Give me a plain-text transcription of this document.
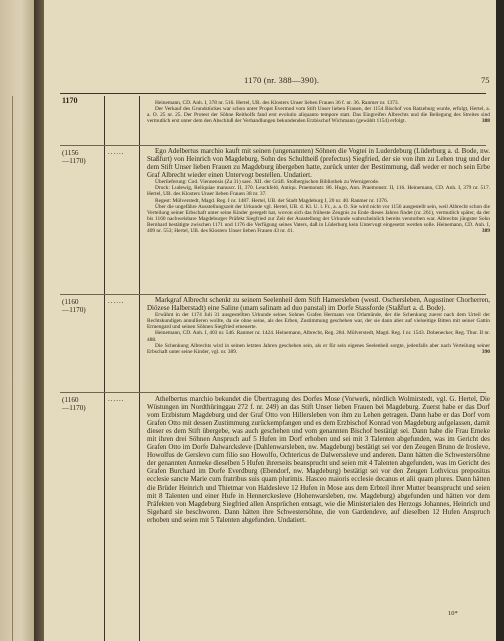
1170 (nr. 388—390).	75
1170	Heinemann, CD. Anh. I, 378 nr. 516. Hertel, UB. des Klosters Unser lieben Frauen 36 f. nr. 36. Ranmer nr. 1373.

Der Verkauf des Grundstückes war schon unter Propst Evermod vom Stift Unser lieben Frauen, der 1154 Bischof von Ratzeburg wurde, erfolgt, Hertel, a. a. O. 25 nr. 25. Der Protest der Söhne Reitholfs fand erst evolutio aliquanto tempore statt. Das Eingreifen Albrechts und die Beilegung des Streites sind vermutlich erst unter dem den Abschluß der Verhandlungen bekundenden Erzbischof Wichmann (gewählt 1154) erfolgt.	388

(1156
—1170)
......	Ego Adelbertus marchio kauft mit seinen (ungenannten) Söhnen die Vogtei in Luderdeburg (Lüderburg a. d. Bode, nw. Staßfurt) von Heinrich von Magdeburg, Sohn des Schultheiß (prefectus) Siegfried, der sie von ihm zu Lehen trug und der dem Stift Unser lieben Frauen zu Magdeburg übergeben hatte, zurück unter der Bestimmung, daß weder er noch sein Erbe Graf Albrecht wieder einen Untervogt bestellen. Undatiert.

Überlieferung: Cod. Viennensis (Za 31) saec. XII. der Gräfl. Stolbergischen Bibliothek zu Wernigerode.

Druck: Ludewig, Reliquiae manuscr. II, 370. Leuckfeld, Antiqu. Praemonstr. 86. Hugo, Ann. Praemonstr. II, 116. Heinemann, CD. Anh. I, 379 nr. 517. Hertel, UB. des Klosters Unser lieben Frauen 38 nr. 37.

Regest: Mülverstedt, Magd. Reg. I nr. 1487. Hertel, UB. der Stadt Magdeburg I, 20 nr. 40. Ranmer nr. 1376.

Über die ungefähre Ausstellungszeit der Urkunde vgl. Hertel, UB. d. Kl. U. l. Fr., a. a. O. Sie wird nicht vor 1156 ausgestellt sein, weil Albrecht schon die Verteilung seiner Erbschaft unter seine Kinder geregelt hat, wovon sich das früheste Zeugnis zu Ende dieses Jahres findet (nr. 261), vermutlich später, da der bis 1160 nachweisbare Magdeburger Präfekt Siegfried zur Zeit der Ausstellung der Urkunde wahrscheinlich bereits verstorben war. Albrechts jüngster Sohn Bernhard bestätigte zwischen 1171 und 1176 die Verfügung seines Vaters, daß in Lüderburg kein Untervogt eingesetzt werden solle. Heinemann, CD. Anh. I, 409 nr. 553; Hertel, UB. des Klosters Unser lieben Frauen 43 nr. 41.	389

(1160
—1170)
......	Markgraf Albrecht schenkt zu seinem Seelenheil dem Stift Hamersleben (westl. Oschersleben, Augustiner Chorherren, Diözese Halberstadt) eine Saline (unam salinam ad duo panstal) im Dorfe Stassforde (Staßfurt a. d. Bode).

Erwähnt in der 1174 Juli 31 ausgestellten Urkunde seines Sohnes Grafen Hermann von Orlamünde, der die Schenkung zuerst nach dem Urteil der Rechtskundigen annullieren wollte, da sie ohne seine, als des Erben, Zustimmung geschehen war, der sie dann aber auf vielseitige Bitten mit seiner Gattin Ermengard und seinen Söhnen Siegfried erneuerte.

Heinemann, CD. Anh. I, 403 nr. 546. Ranmer nr. 1424. Heinemann, Albrecht, Reg. 284. Mülverstedt, Magd. Reg. I nr. 1543. Dobenecker, Reg. Thur. II nr. 488.

Die Schenkung Albrechts wird in seinen letzten Jahren geschehen sein, als er für sein eigenes Seelenheil sorgte, jedenfalls aber nach Verteilung seiner Erbschaft unter seine Kinder, vgl. nr. 389.	390

(1160
—1170)
......	Athelbertus marchio bekundet die Übertragung des Dorfes Mose (Vorwerk, nördlich Wolmirstedt, vgl. G. Hertel, Die Wüstungen im Nordthüringgau 272 f. nr. 249) an das Stift Unser lieben Frauen bei Magdeburg. Zuerst habe er das Dorf vom Erzbistum Magdeburg und der Graf Otto von Hillersleben von ihm zu Lehen getragen. Dann habe er das Dorf vom Grafen Otto mit dessen Zustimmung zurückempfangen und es dem Erzbischof Konrad von Magdeburg aufgelassen, damit dieser es dem Stift übergebe, was auch geschehen und vom genannten Bischof bestätigt sei. Dann habe die Frau Emeke mit ihren drei Söhnen Anspruch auf 5 Hufen im Dorf erhoben und sei mit 3 Talenten abgefunden, was im Gericht des Grafen Otto im Dorfe Dalwarcksleve (Dahlenwarsleben, nw. Magdeburg) bestätigt sei vor den Zeugen Bruno de Irosleve, Howolfus de Gerslevo cum filio suo Howolfo, Ochtericus de Dalwerssleve und anderen. Dann hätten die Schwestersöhne der genannten Anmeke dieselben 5 Hufen ihrerseits beansprucht und seien mit 4 Talenten abgefunden, was im Gericht des Grafen Burchard im Dorfe Everdburg (Ebendorf, nw. Magdeburg) bestätigt sei vor den Zeugen Lothvicus prepositus ecclesie sancte Marie cum fratribus suis quam plurimis. Hasceo maioris ecclesie decanus et alii quam plures. Dann hätten die Brüder Heinrich und Thietmar von Haldesleve 12 Hufen in Mose aus dem Erbteil ihrer Mutter beansprucht und seien mit 8 Talenten und einer Hufe in Hennerckesleve (Hohenwarsleben, nw. Magdeburg) abgefunden und hätten vor dem Präfekten von Magdeburg Siegfried allen Ansprüchen entsagt, wie die Ministerialen des Herzogs Johannes, Heinrich und Sigehard sie beschworen. Dann hätten ihre Schwestersöhne, die von Gardendeve, auf dieselben 12 Hufen Anspruch erhoben und seien mit 5 Talenten abgefunden. Undatiert.

10*
